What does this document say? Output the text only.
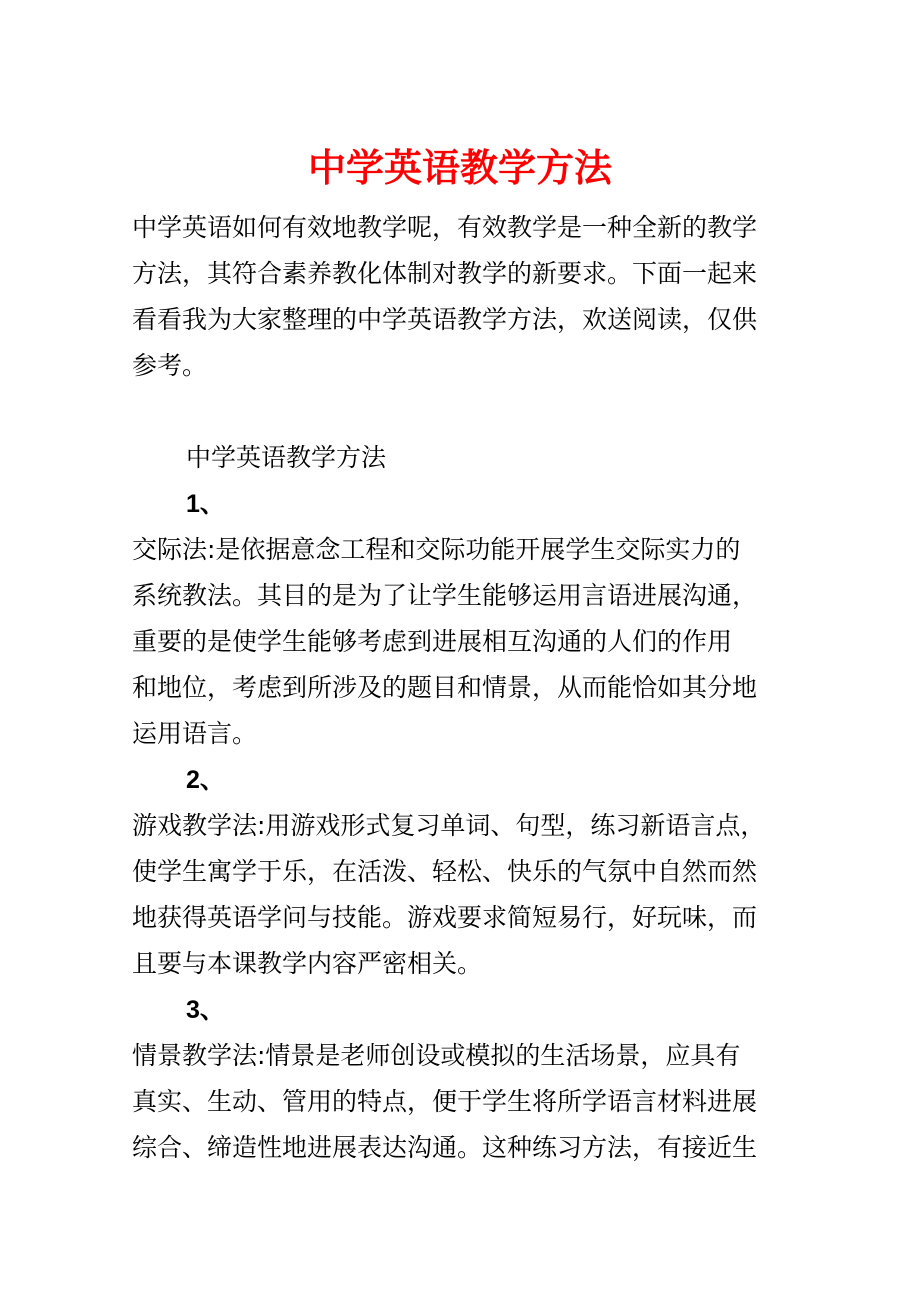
中学英语教学方法
中学英语如何有效地教学呢，有效教学是一种全新的教学
方法，其符合素养教化体制对教学的新要求。下面一起来
看看我为大家整理的中学英语教学方法，欢送阅读，仅供
参考。
中学英语教学方法
1、
交际法:是依据意念工程和交际功能开展学生交际实力的
系统教法。其目的是为了让学生能够运用言语进展沟通，
重要的是使学生能够考虑到进展相互沟通的人们的作用
和地位，考虑到所涉及的题目和情景，从而能恰如其分地
运用语言。
2、
游戏教学法:用游戏形式复习单词、句型，练习新语言点，
使学生寓学于乐，在活泼、轻松、快乐的气氛中自然而然
地获得英语学问与技能。游戏要求简短易行，好玩味，而
且要与本课教学内容严密相关。
3、
情景教学法:情景是老师创设或模拟的生活场景，应具有
真实、生动、管用的特点，便于学生将所学语言材料进展
综合、缔造性地进展表达沟通。这种练习方法，有接近生
